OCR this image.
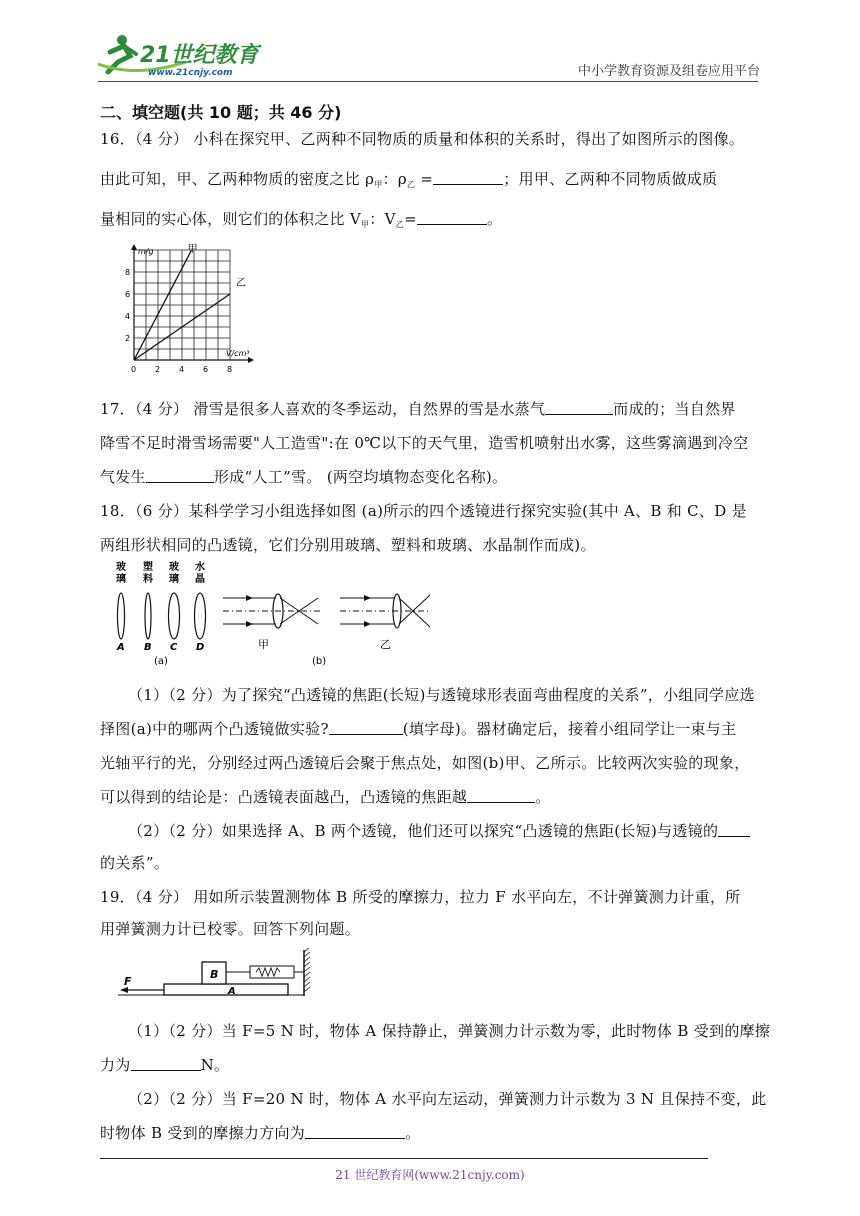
21世纪教育
www.21cnjy.com	中小学教育资源及组卷应用平台
二、填空题(共 10 题；共 46 分)
16．（4 分） 小科在探究甲、乙两种不同物质的质量和体积的关系时，得出了如图所示的图像。
由此可知，甲、乙两种物质的密度之比 $\rho_甲$：$\rho_乙$ =	；用甲、乙两种不同物质做成质
量相同的实心体，则它们的体积之比 $V_甲$：$V_乙=$	。
m/g
V/cm³
甲
乙
0 2 4 6 8
2
4
6
8
17．（4 分） 滑雪是很多人喜欢的冬季运动，自然界的雪是水蒸气	而成的；当自然界
降雪不足时滑雪场需要"人工造雪":在 0℃以下的天气里，造雪机喷射出水雾，这些雾滴遇到冷空
气发生	形成“人工”雪。 (两空均填物态变化名称)。
18．（6 分）某科学学习小组选择如图 (a)所示的四个透镜进行探究实验(其中 A、B 和 C、D 是
两组形状相同的凸透镜，它们分别用玻璃、塑料和玻璃、水晶制作而成)。
玻
璃
塑
料
玻
璃
水
晶
A B C D
(a)
甲	乙
(b)
（1）（2 分）为了探究“凸透镜的焦距(长短)与透镜球形表面弯曲程度的关系”，小组同学应选
择图(a)中的哪两个凸透镜做实验?	(填字母)。器材确定后，接着小组同学让一束与主
光轴平行的光，分别经过两凸透镜后会聚于焦点处，如图(b)甲、乙所示。比较两次实验的现象，
可以得到的结论是：凸透镜表面越凸，凸透镜的焦距越	。
（2）（2 分）如果选择 A、B 两个透镜，他们还可以探究“凸透镜的焦距(长短)与透镜的
的关系”。
19．（4 分） 用如所示装置测物体 B 所受的摩擦力，拉力 F 水平向左，不计弹簧测力计重，所
用弹簧测力计已校零。回答下列问题。
A
B
F
（1）（2 分）当 F=5 N 时，物体 A 保持静止，弹簧测力计示数为零，此时物体 B 受到的摩擦
力为	N。
（2）（2 分）当 F=20 N 时，物体 A 水平向左运动，弹簧测力计示数为 3 N 且保持不变，此
时物体 B 受到的摩擦力方向为	。
21 世纪教育网(www.21cnjy.com)
